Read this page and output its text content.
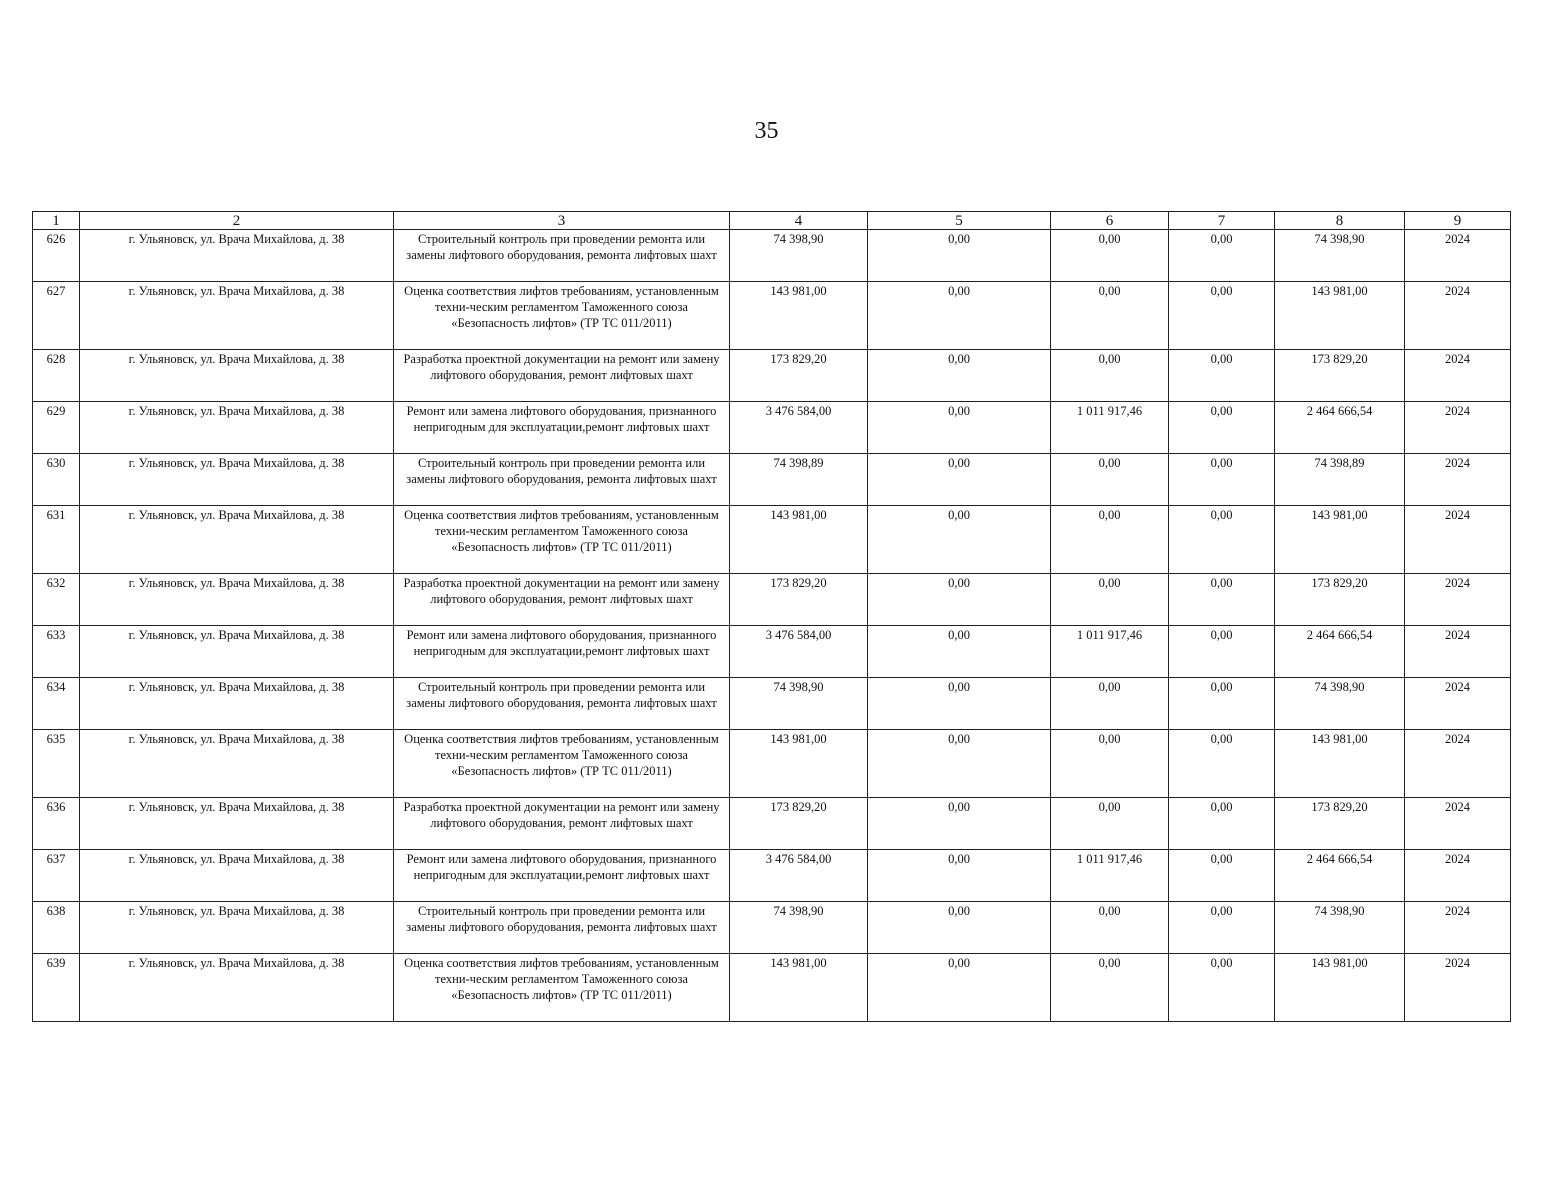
35
1	2	3	4	5	6	7	8	9
626	г. Ульяновск, ул. Врача Михайлова, д. 38	Строительный контроль при проведении ремонта или замены лифтового оборудования, ремонта лифтовых шахт	74 398,90	0,00	0,00	0,00	74 398,90	2024
627	г. Ульяновск, ул. Врача Михайлова, д. 38	Оценка соответствия лифтов требованиям, установленным техни-ческим регламентом Таможенного союза «Безопасность лифтов» (ТР ТС 011/2011)	143 981,00	0,00	0,00	0,00	143 981,00	2024
628	г. Ульяновск, ул. Врача Михайлова, д. 38	Разработка проектной документации на ремонт или замену лифтового оборудования, ремонт лифтовых шахт	173 829,20	0,00	0,00	0,00	173 829,20	2024
629	г. Ульяновск, ул. Врача Михайлова, д. 38	Ремонт или замена лифтового оборудования, признанного непригодным для эксплуатации,ремонт лифтовых шахт	3 476 584,00	0,00	1 011 917,46	0,00	2 464 666,54	2024
630	г. Ульяновск, ул. Врача Михайлова, д. 38	Строительный контроль при проведении ремонта или замены лифтового оборудования, ремонта лифтовых шахт	74 398,89	0,00	0,00	0,00	74 398,89	2024
631	г. Ульяновск, ул. Врача Михайлова, д. 38	Оценка соответствия лифтов требованиям, установленным техни-ческим регламентом Таможенного союза «Безопасность лифтов» (ТР ТС 011/2011)	143 981,00	0,00	0,00	0,00	143 981,00	2024
632	г. Ульяновск, ул. Врача Михайлова, д. 38	Разработка проектной документации на ремонт или замену лифтового оборудования, ремонт лифтовых шахт	173 829,20	0,00	0,00	0,00	173 829,20	2024
633	г. Ульяновск, ул. Врача Михайлова, д. 38	Ремонт или замена лифтового оборудования, признанного непригодным для эксплуатации,ремонт лифтовых шахт	3 476 584,00	0,00	1 011 917,46	0,00	2 464 666,54	2024
634	г. Ульяновск, ул. Врача Михайлова, д. 38	Строительный контроль при проведении ремонта или замены лифтового оборудования, ремонта лифтовых шахт	74 398,90	0,00	0,00	0,00	74 398,90	2024
635	г. Ульяновск, ул. Врача Михайлова, д. 38	Оценка соответствия лифтов требованиям, установленным техни-ческим регламентом Таможенного союза «Безопасность лифтов» (ТР ТС 011/2011)	143 981,00	0,00	0,00	0,00	143 981,00	2024
636	г. Ульяновск, ул. Врача Михайлова, д. 38	Разработка проектной документации на ремонт или замену лифтового оборудования, ремонт лифтовых шахт	173 829,20	0,00	0,00	0,00	173 829,20	2024
637	г. Ульяновск, ул. Врача Михайлова, д. 38	Ремонт или замена лифтового оборудования, признанного непригодным для эксплуатации,ремонт лифтовых шахт	3 476 584,00	0,00	1 011 917,46	0,00	2 464 666,54	2024
638	г. Ульяновск, ул. Врача Михайлова, д. 38	Строительный контроль при проведении ремонта или замены лифтового оборудования, ремонта лифтовых шахт	74 398,90	0,00	0,00	0,00	74 398,90	2024
639	г. Ульяновск, ул. Врача Михайлова, д. 38	Оценка соответствия лифтов требованиям, установленным техни-ческим регламентом Таможенного союза «Безопасность лифтов» (ТР ТС 011/2011)	143 981,00	0,00	0,00	0,00	143 981,00	2024
